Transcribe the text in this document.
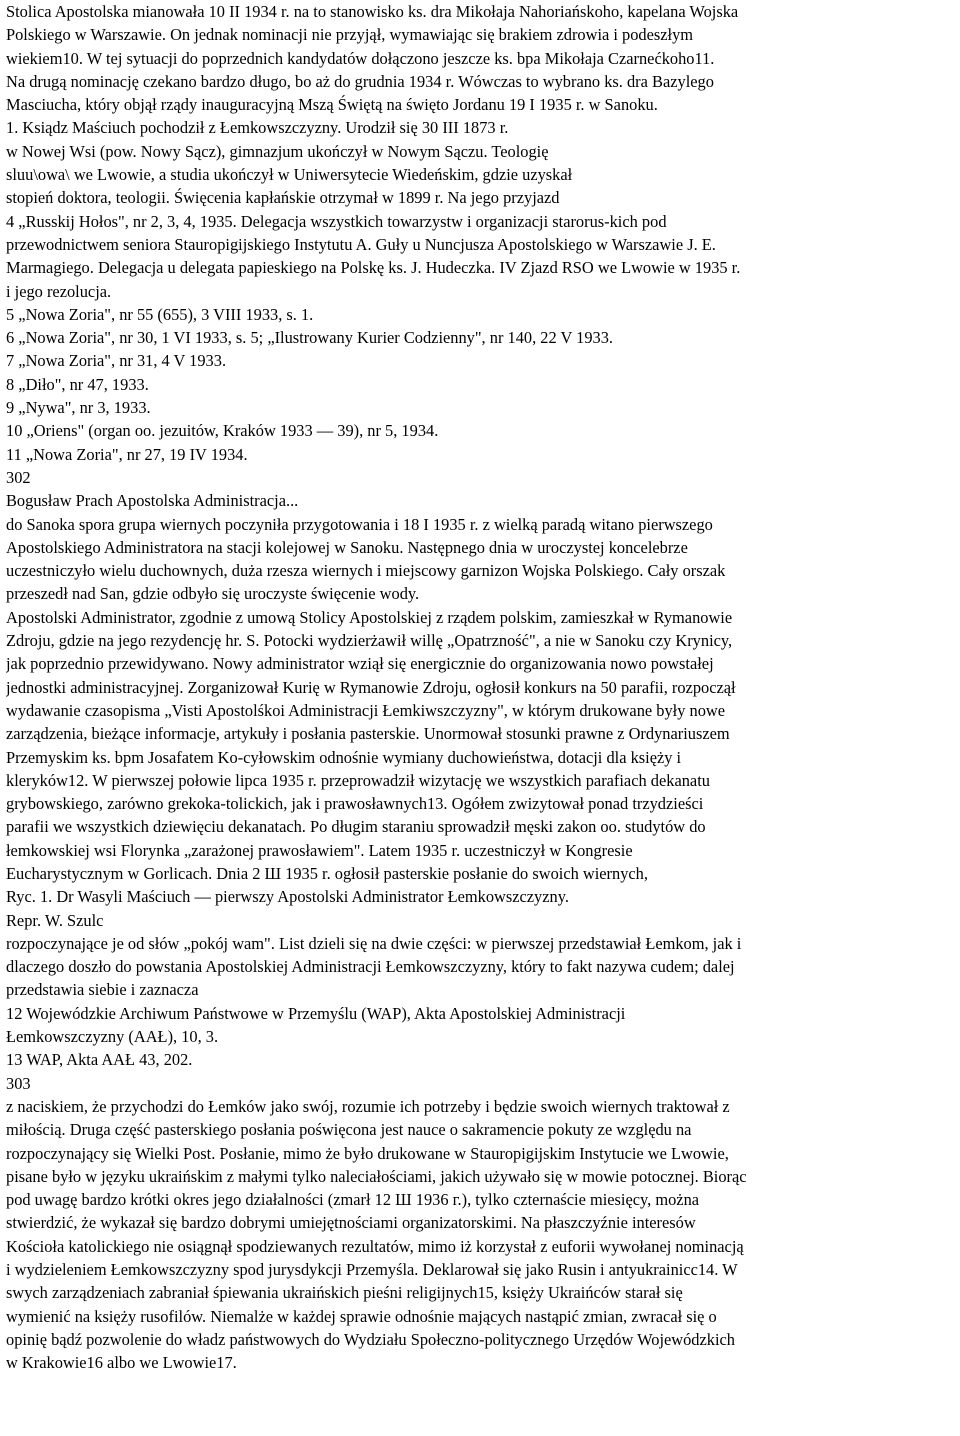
Stolica Apostolska mianowała 10 II 1934 r. na to stanowisko ks. dra Mikołaja Nahoriańskoho, kapelana Wojska
Polskiego w Warszawie. On jednak nominacji nie przyjął, wymawiając się brakiem zdrowia i podeszłym
wiekiem10. W tej sytuacji do poprzednich kandydatów dołączono jeszcze ks. bpa Mikołaja Czarnećkoho11.
Na drugą nominację czekano bardzo długo, bo aż do grudnia 1934 r. Wówczas to wybrano ks. dra Bazylego
Masciucha, który objął rządy inauguracyjną Mszą Świętą na święto Jordanu 19 I 1935 r. w Sanoku.
1. Ksiądz Maściuch pochodził z Łemkowszczyzny. Urodził się 30 III 1873 r.
w Nowej Wsi (pow. Nowy Sącz), gimnazjum ukończył w Nowym Sączu. Teologię
sluu\owa\ we Lwowie, a studia ukończył w Uniwersytecie Wiedeńskim, gdzie uzyskał
stopień doktora, teologii. Święcenia kapłańskie otrzymał w 1899 r. Na jego przyjazd
4 „Russkij Hołos", nr 2, 3, 4, 1935. Delegacja wszystkich towarzystw i organizacji starorus-kich pod
przewodnictwem seniora Stauropigijskiego Instytutu A. Guły u Nuncjusza Apostolskiego w Warszawie J. E.
Marmagiego. Delegacja u delegata papieskiego na Polskę ks. J. Hudeczka. IV Zjazd RSO we Lwowie w 1935 r.
i jego rezolucja.
5 „Nowa Zoria", nr 55 (655), 3 VIII 1933, s. 1.
6 „Nowa Zoria", nr 30, 1 VI 1933, s. 5; „Ilustrowany Kurier Codzienny", nr 140, 22 V 1933.
7 „Nowa Zoria", nr 31, 4 V 1933.
8 „Diło", nr 47, 1933.
9 „Nywa", nr 3, 1933.
10 „Oriens" (organ oo. jezuitów, Kraków 1933 — 39), nr 5, 1934.
11 „Nowa Zoria", nr 27, 19 IV 1934.
302
Bogusław Prach Apostolska Administracja...
do Sanoka spora grupa wiernych poczyniła przygotowania i 18 I 1935 r. z wielką paradą witano pierwszego
Apostolskiego Administratora na stacji kolejowej w Sanoku. Następnego dnia w uroczystej koncelebrze
uczestniczyło wielu duchownych, duża rzesza wiernych i miejscowy garnizon Wojska Polskiego. Cały orszak
przeszedł nad San, gdzie odbyło się uroczyste święcenie wody.
Apostolski Administrator, zgodnie z umową Stolicy Apostolskiej z rządem polskim, zamieszkał w Rymanowie
Zdroju, gdzie na jego rezydencję hr. S. Potocki wydzierżawił willę „Opatrzność", a nie w Sanoku czy Krynicy,
jak poprzednio przewidywano. Nowy administrator wziął się energicznie do organizowania nowo powstałej
jednostki administracyjnej. Zorganizował Kurię w Rymanowie Zdroju, ogłosił konkurs na 50 parafii, rozpoczął
wydawanie czasopisma „Visti Apostolśkoi Administracji Łemkiwszczyzny", w którym drukowane były nowe
zarządzenia, bieżące informacje, artykuły i posłania pasterskie. Unormował stosunki prawne z Ordynariuszem
Przemyskim ks. bpm Josafatem Ko-cyłowskim odnośnie wymiany duchowieństwa, dotacji dla księży i
kleryków12. W pierwszej połowie lipca 1935 r. przeprowadził wizytację we wszystkich parafiach dekanatu
grybowskiego, zarówno grekoka-tolickich, jak i prawosławnych13. Ogółem zwizytował ponad trzydzieści
parafii we wszystkich dziewięciu dekanatach. Po długim staraniu sprowadził męski zakon oo. studytów do
łemkowskiej wsi Florynka „zarażonej prawosławiem". Latem 1935 r. uczestniczył w Kongresie
Eucharystycznym w Gorlicach. Dnia 2 Ш 1935 r. ogłosił pasterskie posłanie do swoich wiernych,
Ryc. 1. Dr Wasyli Maściuch — pierwszy Apostolski Administrator Łemkowszczyzny.
Repr. W. Szulc
rozpoczynające je od słów „pokój wam". List dzieli się na dwie części: w pierwszej przedstawiał Łemkom, jak i
dlaczego doszło do powstania Apostolskiej Administracji Łemkowszczyzny, który to fakt nazywa cudem; dalej
przedstawia siebie i zaznacza
12 Wojewódzkie Archiwum Państwowe w Przemyślu (WAP), Akta Apostolskiej Administracji
Łemkowszczyzny (AAŁ), 10, 3.
13 WAP, Akta AAŁ 43, 202.
303
z naciskiem, że przychodzi do Łemków jako swój, rozumie ich potrzeby i będzie swoich wiernych traktował z
miłością. Druga część pasterskiego posłania poświęcona jest nauce o sakramencie pokuty ze względu na
rozpoczynający się Wielki Post. Posłanie, mimo że było drukowane w Stauropigijskim Instytucie we Lwowie,
pisane było w języku ukraińskim z małymi tylko naleciałościami, jakich używało się w mowie potocznej. Biorąc
pod uwagę bardzo krótki okres jego działalności (zmarł 12 Ш 1936 г.), tylko czternaście miesięcy, można
stwierdzić, że wykazał się bardzo dobrymi umiejętnościami organizatorskimi. Na płaszczyźnie interesów
Kościoła katolickiego nie osiągnął spodziewanych rezultatów, mimo iż korzystał z euforii wywołanej nominacją
i wydzieleniem Łemkowszczyzny spod jurysdykcji Przemyśla. Deklarował się jako Rusin i antyukrainicc14. W
swych zarządzeniach zabraniał śpiewania ukraińskich pieśni religijnych15, księży Ukraińców starał się
wymienić na księży rusofilów. Niemalże w każdej sprawie odnośnie mających nastąpić zmian, zwracał się o
opinię bądź pozwolenie do władz państwowych do Wydziału Społeczno-politycznego Urzędów Wojewódzkich
w Krakowie16 albo we Lwowie17.
